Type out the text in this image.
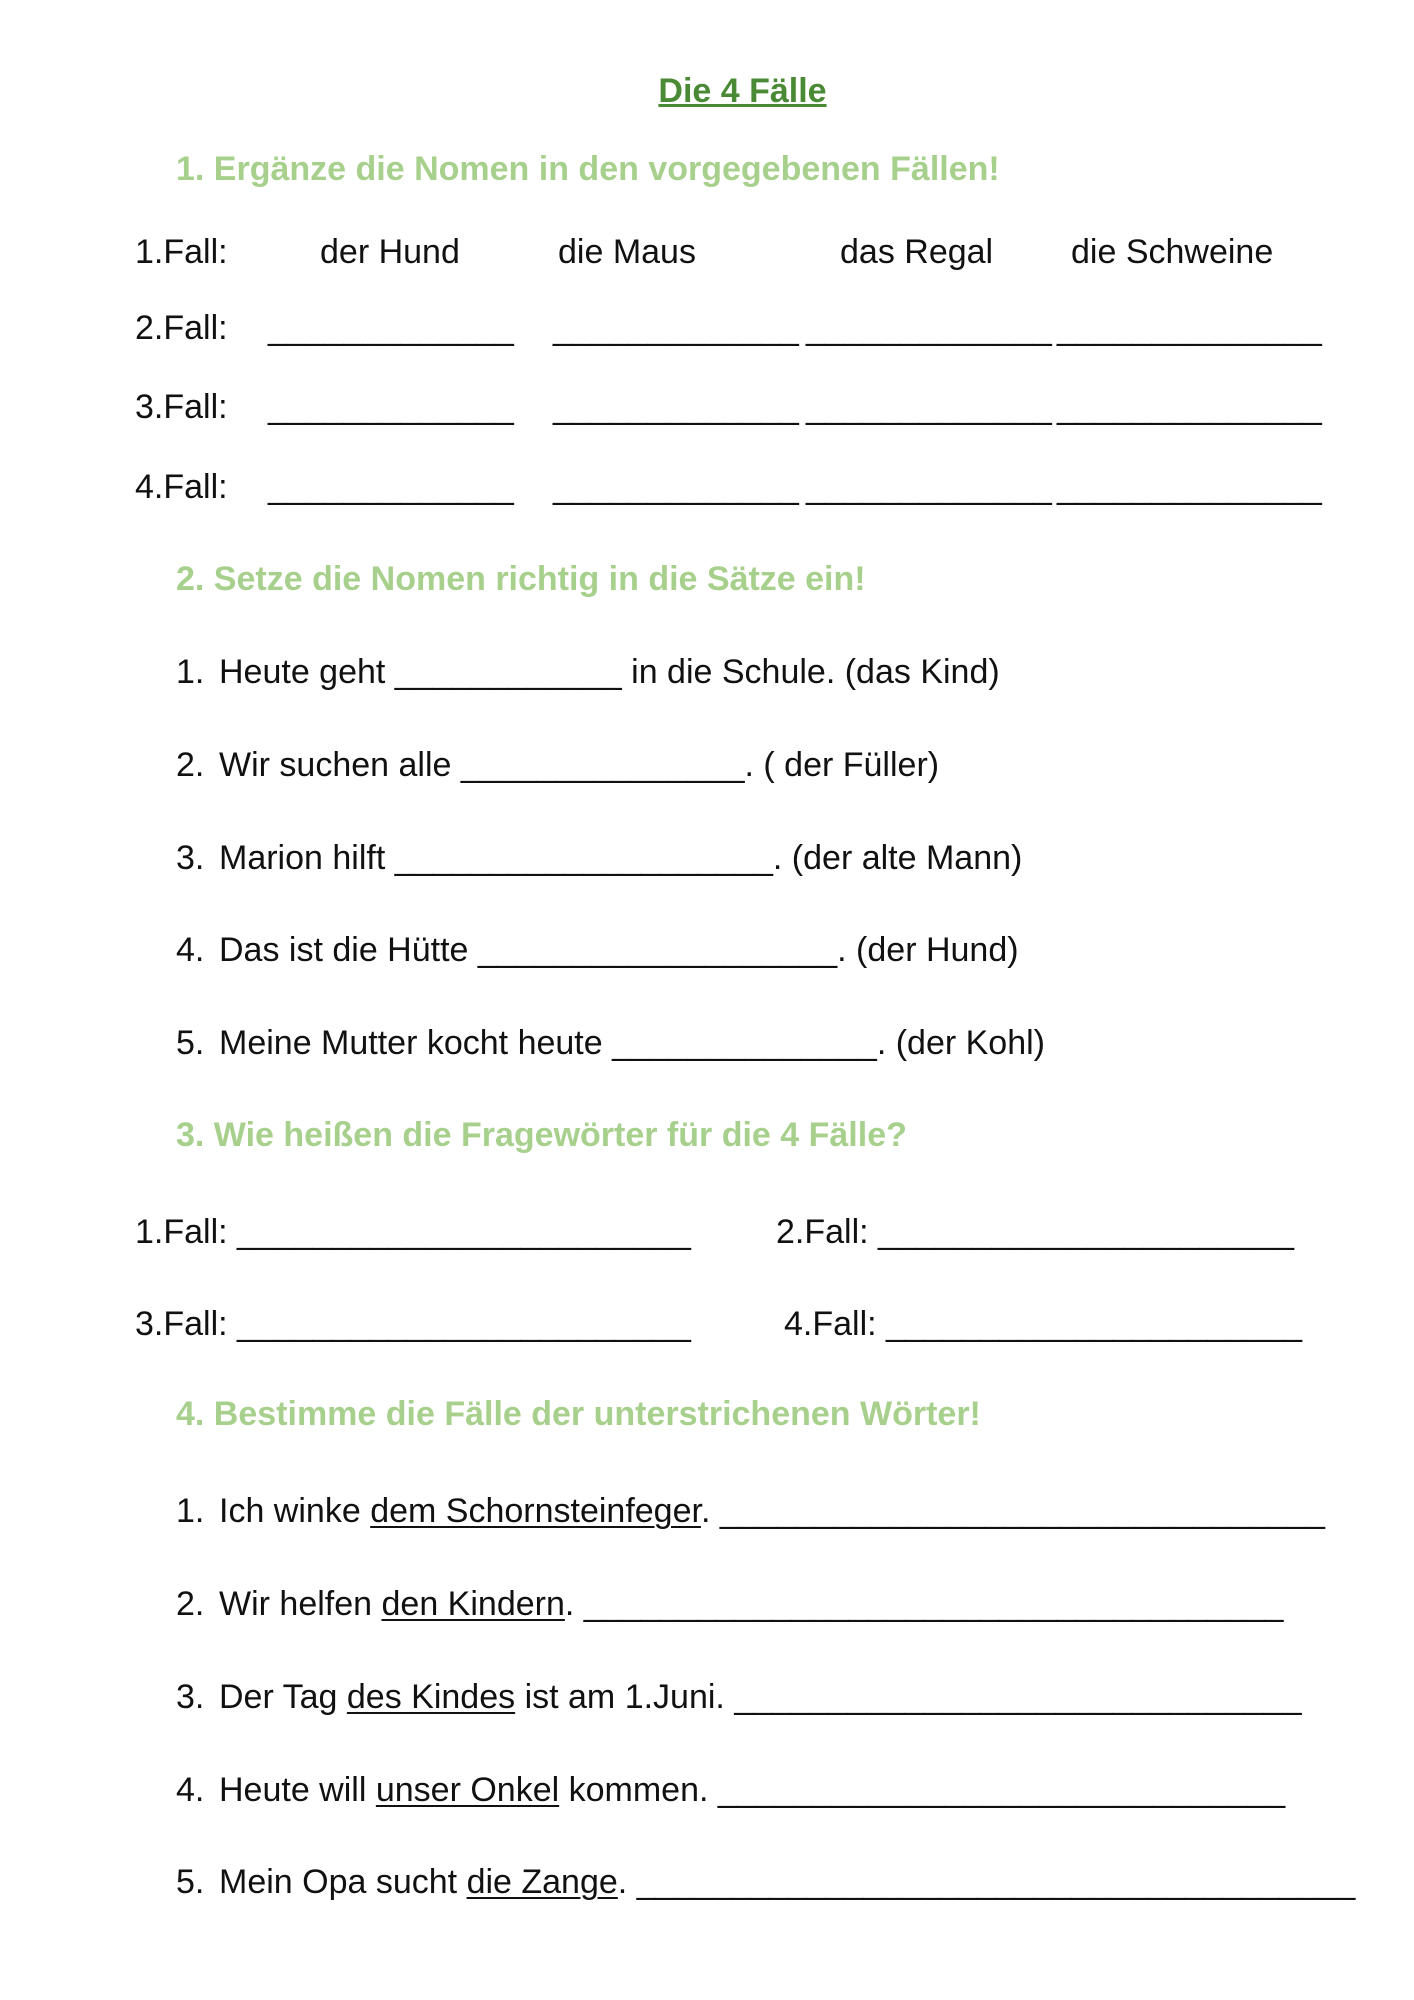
Die 4 Fälle
1. Ergänze die Nomen in den vorgegebenen Fällen!
1.Fall:	der Hund	die Maus	das Regal die Schweine
2.Fall: _____________ _____________ _____________ ______________
3.Fall: _____________ _____________ _____________ ______________
4.Fall: _____________ _____________ _____________ ______________
2. Setze die Nomen richtig in die Sätze ein!
1. Heute geht ____________ in die Schule. (das Kind)
2. Wir suchen alle _______________. ( der Füller)
3. Marion hilft ____________________. (der alte Mann)
4. Das ist die Hütte ___________________. (der Hund)
5. Meine Mutter kocht heute ______________. (der Kohl)
3. Wie heißen die Fragewörter für die 4 Fälle?
1.Fall: ________________________	2.Fall: ______________________
3.Fall: ________________________	4.Fall: ______________________
4. Bestimme die Fälle der unterstrichenen Wörter!
1. Ich winke dem Schornsteinfeger. ________________________________
2. Wir helfen den Kindern. _____________________________________
3. Der Tag des Kindes ist am 1.Juni. ______________________________
4. Heute will unser Onkel kommen. ______________________________
5. Mein Opa sucht die Zange. ______________________________________
